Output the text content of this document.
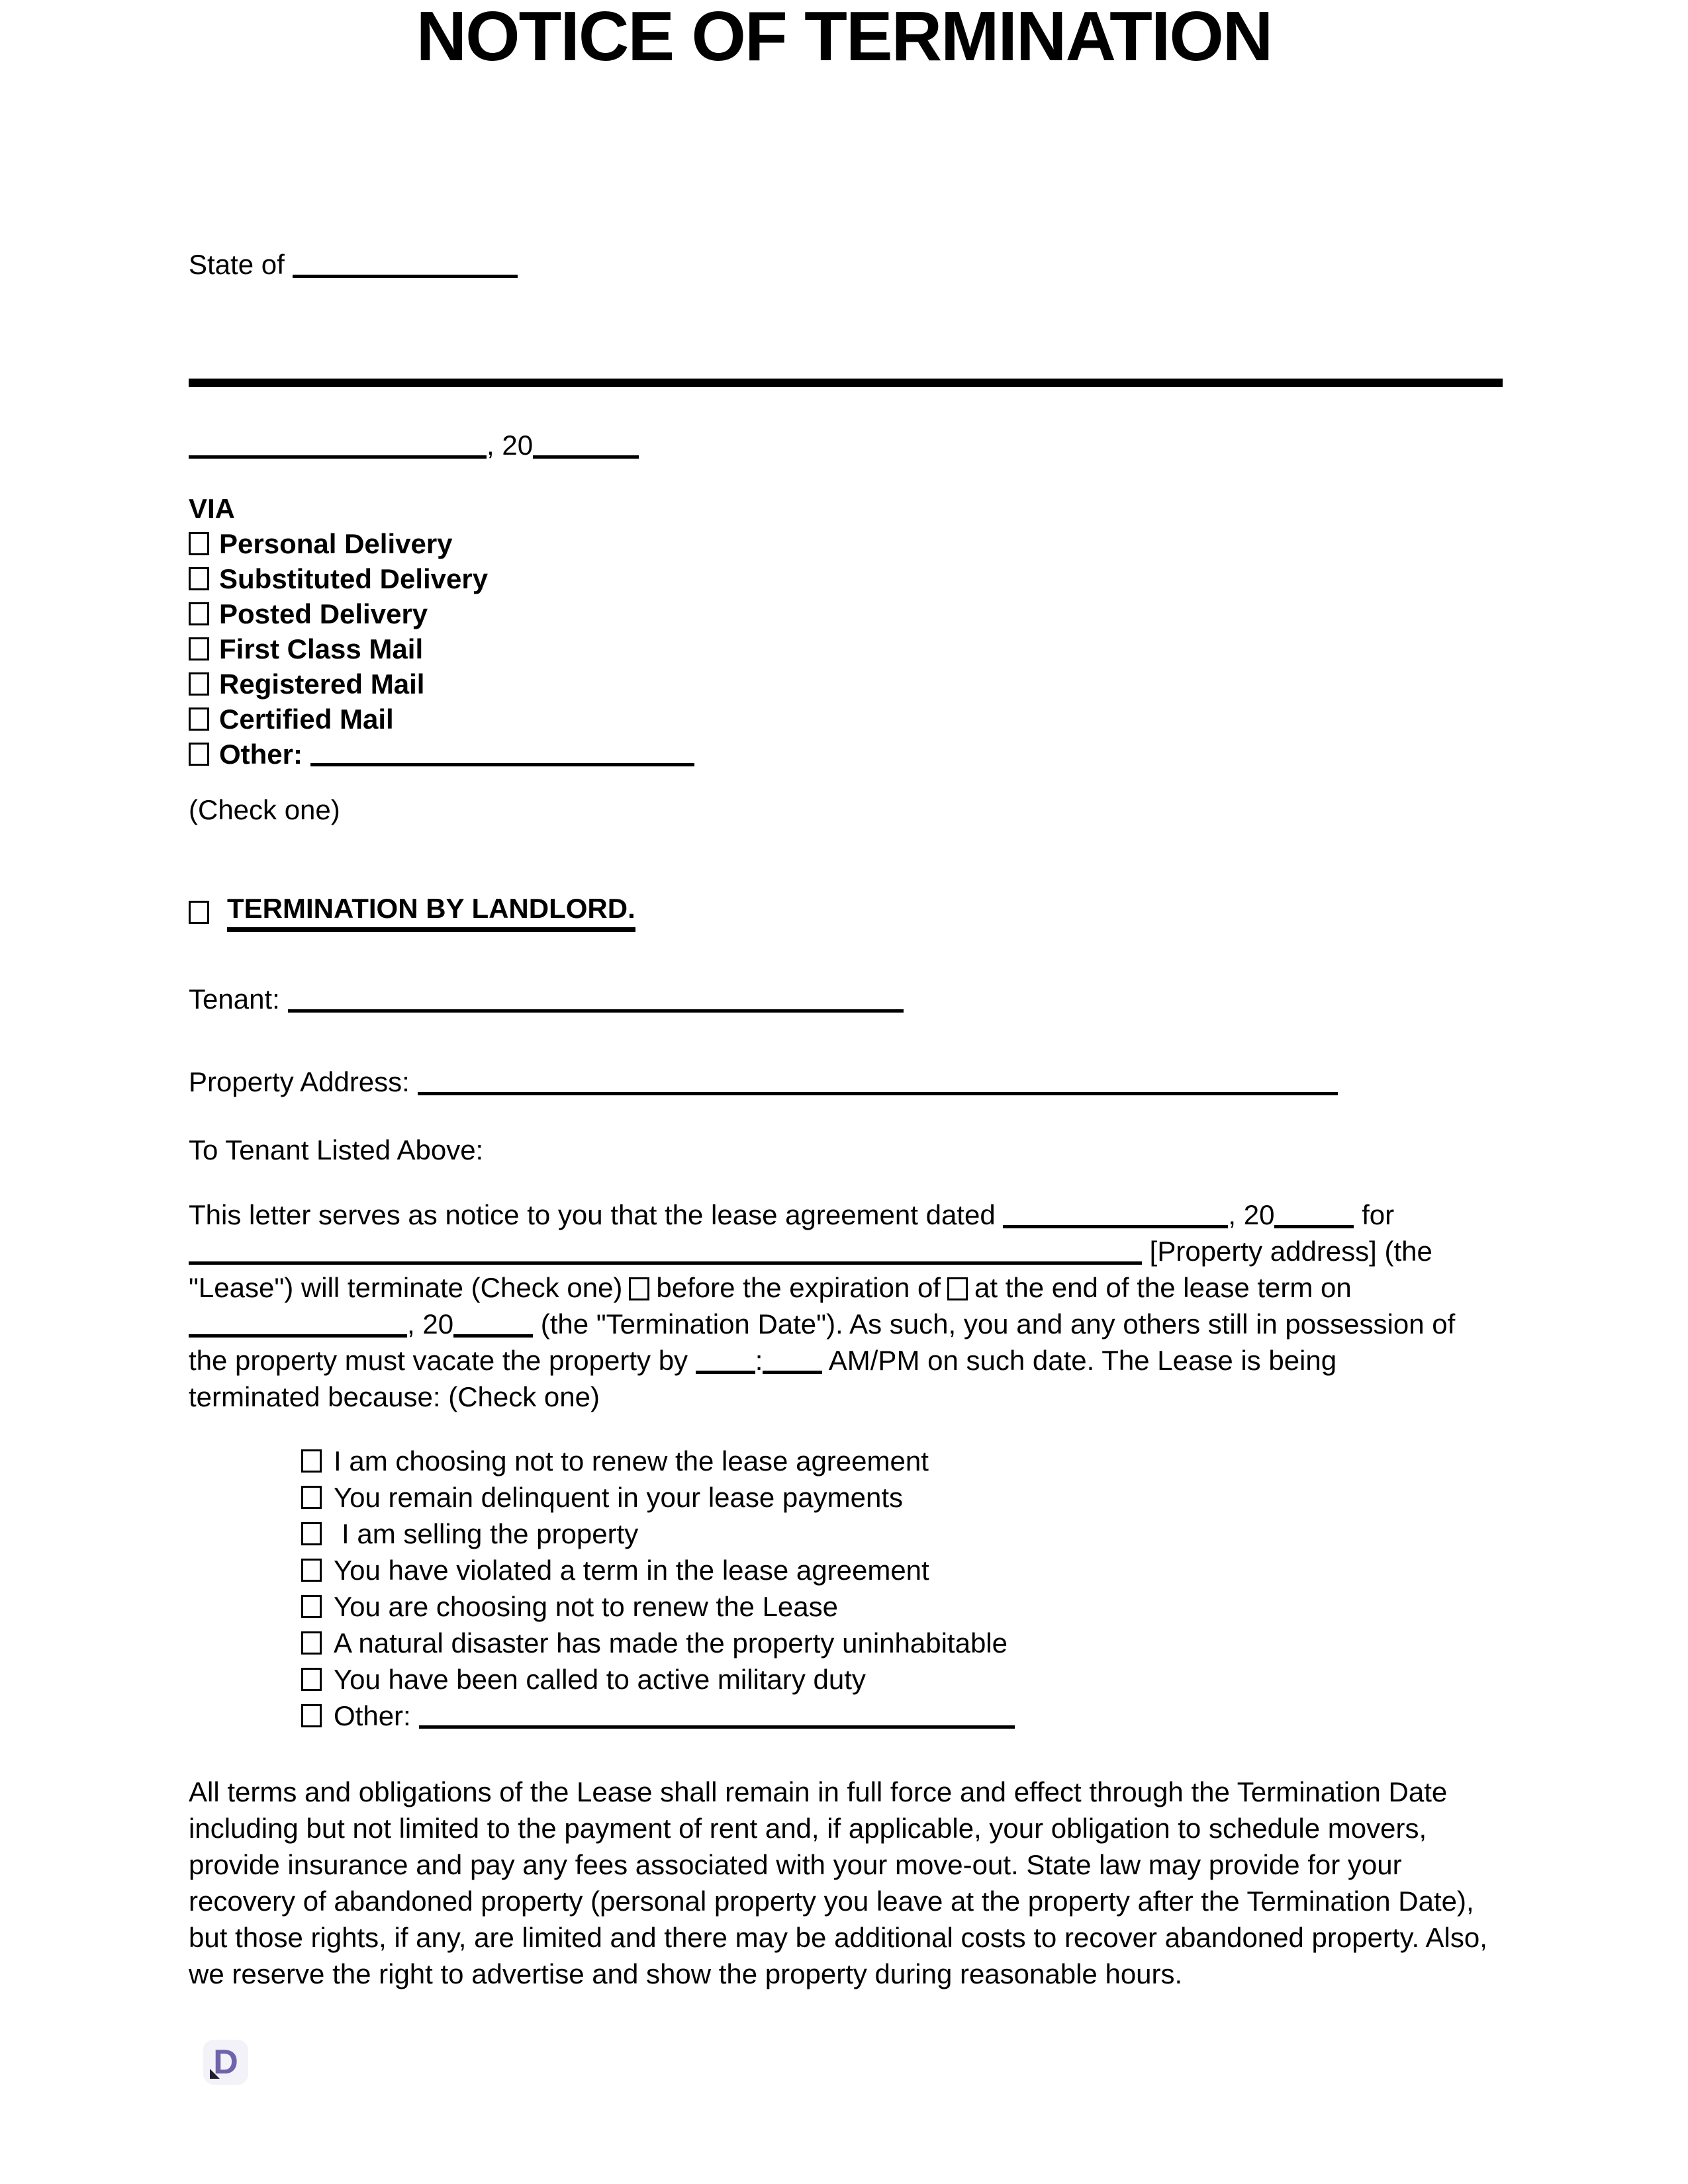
State of
NOTICE OF TERMINATION
, 20
VIA
Personal Delivery
Substituted Delivery
Posted Delivery
First Class Mail
Registered Mail
Certified Mail
Other:
(Check one)
TERMINATION BY LANDLORD.
Tenant:
Property Address:
To Tenant Listed Above:
This letter serves as notice to you that the lease agreement dated	, 20	for
[Property address] (the
"Lease") will terminate (Check one) before the expiration of at the end of the lease term on
, 20	(the "Termination Date"). As such, you and any others still in possession of
the property must vacate the property by : AM/PM on such date. The Lease is being
terminated because: (Check one)
I am choosing not to renew the lease agreement
You remain delinquent in your lease payments
I am selling the property
You have violated a term in the lease agreement
You are choosing not to renew the Lease
A natural disaster has made the property uninhabitable
You have been called to active military duty
Other:
All terms and obligations of the Lease shall remain in full force and effect through the Termination Date
including but not limited to the payment of rent and, if applicable, your obligation to schedule movers,
provide insurance and pay any fees associated with your move-out. State law may provide for your
recovery of abandoned property (personal property you leave at the property after the Termination Date),
but those rights, if any, are limited and there may be additional costs to recover abandoned property. Also,
we reserve the right to advertise and show the property during reasonable hours.
D
